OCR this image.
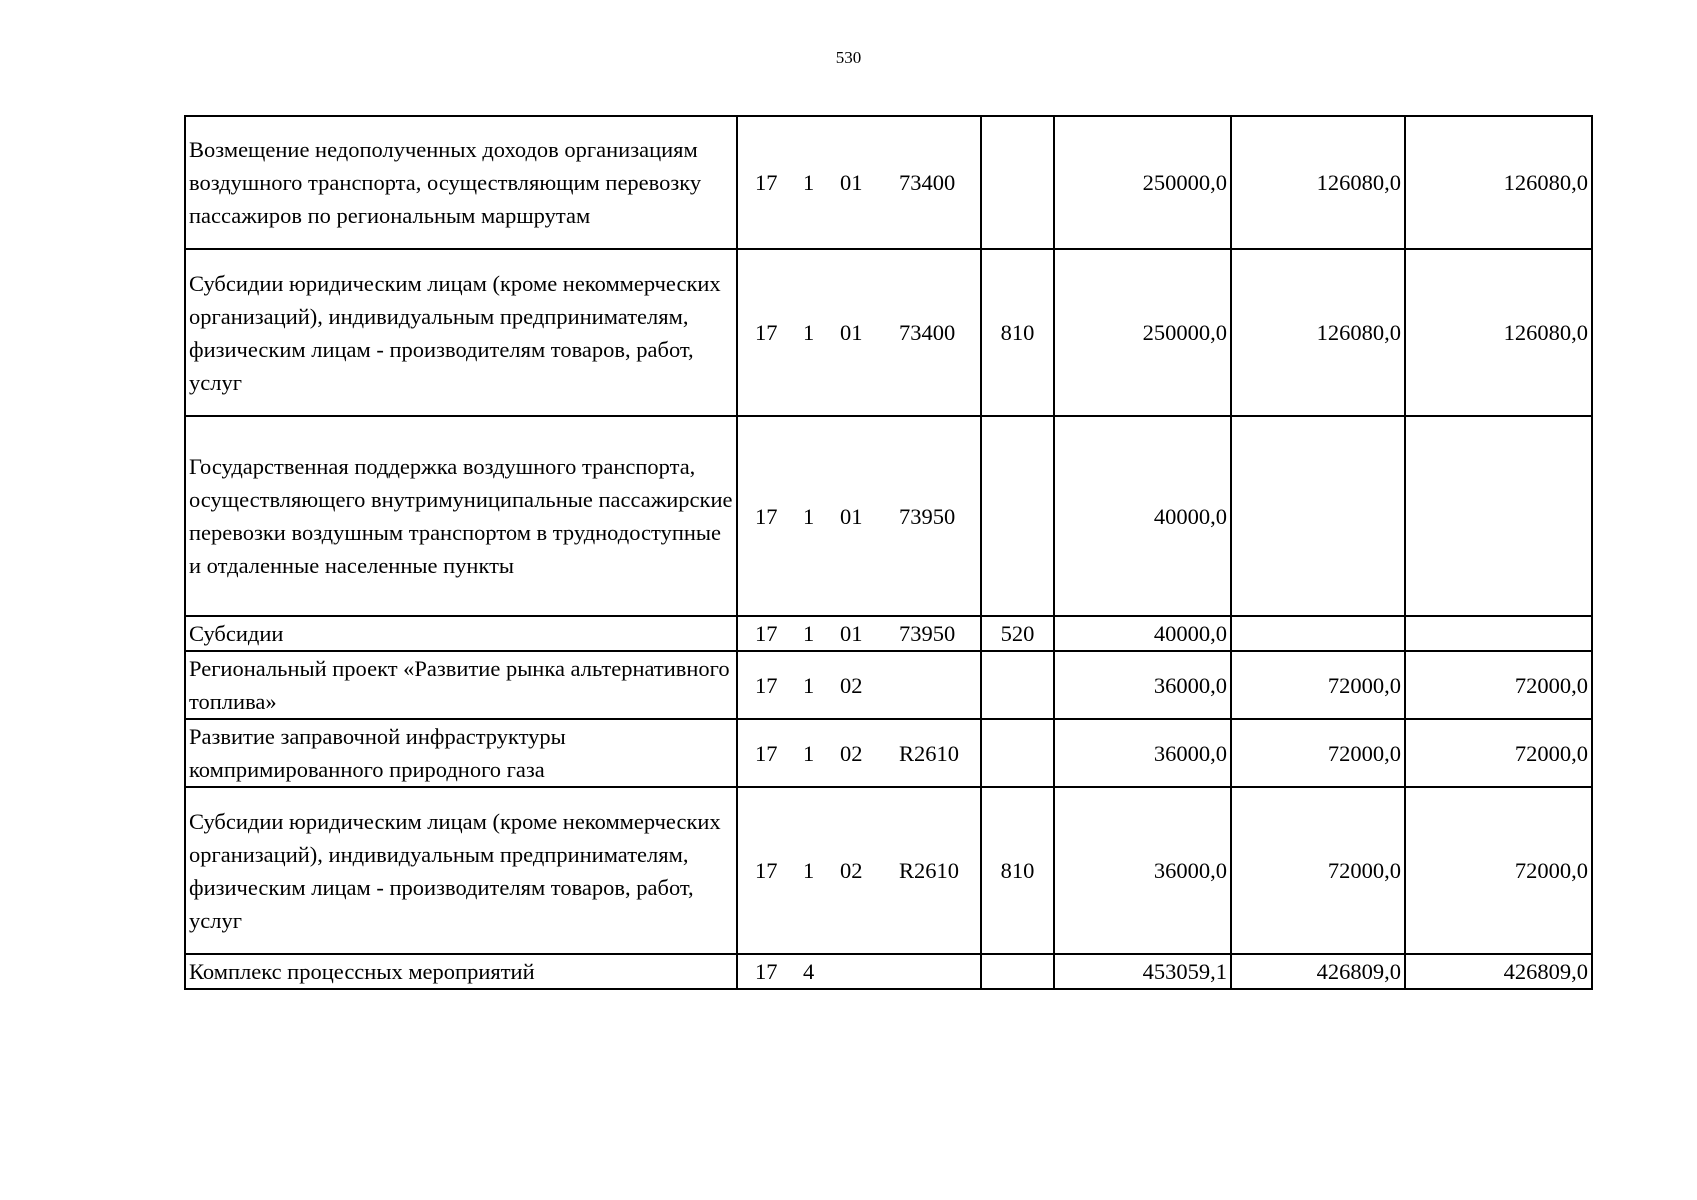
530
Возмещение недополученных доходов организациям воздушного транспорта, осуществляющим перевозку пассажиров по региональным маршрутам	17 1 01 73400		250000,0	126080,0	126080,0
Субсидии юридическим лицам (кроме некоммерческих организаций), индивидуальным предпринимателям, физическим лицам - производителям товаров, работ, услуг	17 1 01 73400	810	250000,0	126080,0	126080,0
Государственная поддержка воздушного транспорта, осуществляющего внутримуниципальные пассажирские перевозки воздушным транспортом в труднодоступные и отдаленные населенные пункты	17 1 01 73950		40000,0		
Субсидии	17 1 01 73950	520	40000,0		
Региональный проект «Развитие рынка альтернативного топлива»	17 1 02		36000,0	72000,0	72000,0
Развитие заправочной инфраструктуры компримированного природного газа	17 1 02 R2610		36000,0	72000,0	72000,0
Субсидии юридическим лицам (кроме некоммерческих организаций), индивидуальным предпринимателям, физическим лицам - производителям товаров, работ, услуг	17 1 02 R2610	810	36000,0	72000,0	72000,0
Комплекс процессных мероприятий	17 4		453059,1	426809,0	426809,0
